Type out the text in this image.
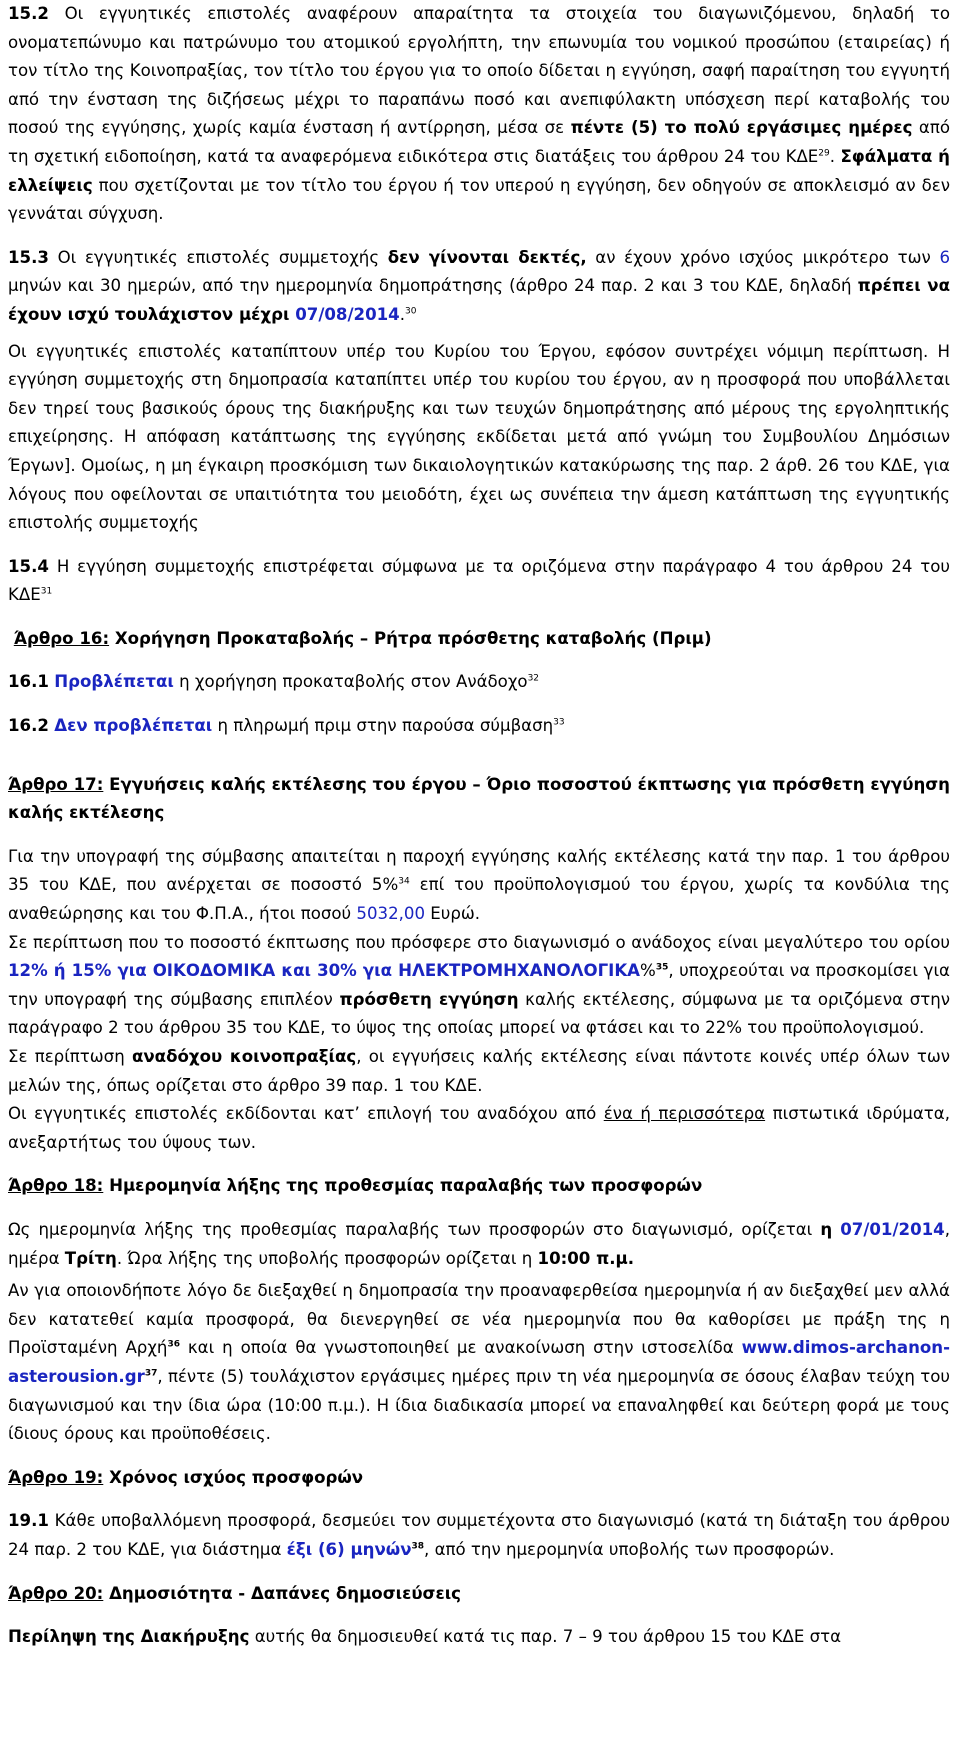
15.2 Οι εγγυητικές επιστολές αναφέρουν απαραίτητα τα στοιχεία του διαγωνιζόμενου, δηλαδή το ονοματεπώνυμο και πατρώνυμο του ατομικού εργολήπτη, την επωνυμία του νομικού προσώπου (εταιρείας) ή τον τίτλο της Κοινοπραξίας, τον τίτλο του έργου για το οποίο δίδεται η εγγύηση, σαφή παραίτηση του εγγυητή από την ένσταση της διζήσεως μέχρι το παραπάνω ποσό και ανεπιφύλακτη υπόσχεση περί καταβολής του ποσού της εγγύησης, χωρίς καμία ένσταση ή αντίρρηση, μέσα σε πέντε (5) το πολύ εργάσιμες ημέρες από τη σχετική ειδοποίηση, κατά τα αναφερόμενα ειδικότερα στις διατάξεις του άρθρου 24 του ΚΔΕ$^{29}$. Σφάλματα ή ελλείψεις που σχετίζονται με τον τίτλο του έργου ή τον υπερού η εγγύηση, δεν οδηγούν σε αποκλεισμό αν δεν γεννάται σύγχυση.

15.3 Οι εγγυητικές επιστολές συμμετοχής δεν γίνονται δεκτές, αν έχουν χρόνο ισχύος μικρότερο των 6 μηνών και 30 ημερών, από την ημερομηνία δημοπράτησης (άρθρο 24 παρ. 2 και 3 του ΚΔΕ, δηλαδή πρέπει να έχουν ισχύ τουλάχιστον μέχρι 07/08/2014.30

Οι εγγυητικές επιστολές καταπίπτουν υπέρ του Κυρίου του Έργου, εφόσον συντρέχει νόμιμη περίπτωση. Η εγγύηση συμμετοχής στη δημοπρασία καταπίπτει υπέρ του κυρίου του έργου, αν η προσφορά που υποβάλλεται δεν τηρεί τους βασικούς όρους της διακήρυξης και των τευχών δημοπράτησης από μέρους της εργοληπτικής επιχείρησης. Η απόφαση κατάπτωσης της εγγύησης εκδίδεται μετά από γνώμη του Συμβουλίου Δημόσιων Έργων]. Ομοίως, η μη έγκαιρη προσκόμιση των δικαιολογητικών κατακύρωσης της παρ. 2 άρθ. 26 του ΚΔΕ, για λόγους που οφείλονται σε υπαιτιότητα του μειοδότη, έχει ως συνέπεια την άμεση κατάπτωση της εγγυητικής επιστολής συμμετοχής

15.4 Η εγγύηση συμμετοχής επιστρέφεται σύμφωνα με τα οριζόμενα στην παράγραφο 4 του άρθρου 24 του ΚΔΕ$^{31}$

Άρθρο 16: Χορήγηση Προκαταβολής – Ρήτρα πρόσθετης καταβολής (Πριμ)

16.1 Προβλέπεται η χορήγηση προκαταβολής στον Ανάδοχο$^{32}$

16.2 Δεν προβλέπεται η πληρωμή πριμ στην παρούσα σύμβαση$^{33}$

Άρθρο 17: Εγγυήσεις καλής εκτέλεσης του έργου – Όριο ποσοστού έκπτωσης για πρόσθετη εγγύηση καλής εκτέλεσης

Για την υπογραφή της σύμβασης απαιτείται η παροχή εγγύησης καλής εκτέλεσης κατά την παρ. 1 του άρθρου 35 του ΚΔΕ, που ανέρχεται σε ποσοστό 5%$^{34}$ επί του προϋπολογισμού του έργου, χωρίς τα κονδύλια της αναθεώρησης και του Φ.Π.Α., ήτοι ποσού 5032,00 Ευρώ.

Σε περίπτωση που το ποσοστό έκπτωσης που πρόσφερε στο διαγωνισμό ο ανάδοχος είναι μεγαλύτερο του ορίου 12% ή 15% για ΟΙΚΟΔΟΜΙΚΑ και 30% για ΗΛΕΚΤΡΟΜΗΧΑΝΟΛΟΓΙΚΑ%$^{35}$, υποχρεούται να προσκομίσει για την υπογραφή της σύμβασης επιπλέον πρόσθετη εγγύηση καλής εκτέλεσης, σύμφωνα με τα οριζόμενα στην παράγραφο 2 του άρθρου 35 του ΚΔΕ, το ύψος της οποίας μπορεί να φτάσει και το 22% του προϋπολογισμού.

Σε περίπτωση αναδόχου κοινοπραξίας, οι εγγυήσεις καλής εκτέλεσης είναι πάντοτε κοινές υπέρ όλων των μελών της, όπως ορίζεται στο άρθρο 39 παρ. 1 του ΚΔΕ.

Οι εγγυητικές επιστολές εκδίδονται κατ’ επιλογή του αναδόχου από ένα ή περισσότερα πιστωτικά ιδρύματα, ανεξαρτήτως του ύψους των.

Άρθρο 18: Ημερομηνία λήξης της προθεσμίας παραλαβής των προσφορών

Ως ημερομηνία λήξης της προθεσμίας παραλαβής των προσφορών στο διαγωνισμό, ορίζεται η 07/01/2014, ημέρα Τρίτη. Ώρα λήξης της υποβολής προσφορών ορίζεται η 10:00 π.μ.

Αν για οποιονδήποτε λόγο δε διεξαχθεί η δημοπρασία την προαναφερθείσα ημερομηνία ή αν διεξαχθεί μεν αλλά δεν κατατεθεί καμία προσφορά, θα διενεργηθεί σε νέα ημερομηνία που θα καθορίσει με πράξη της η Προϊσταμένη Αρχή$^{36}$ και η οποία θα γνωστοποιηθεί με ανακοίνωση στην ιστοσελίδα $www.dimos-archanon-asterousion.gr^{37}$, πέντε (5) τουλάχιστον εργάσιμες ημέρες πριν τη νέα ημερομηνία σε όσους έλαβαν τεύχη του διαγωνισμού και την ίδια ώρα (10:00 π.μ.). Η ίδια διαδικασία μπορεί να επαναληφθεί και δεύτερη φορά με τους ίδιους όρους και προϋποθέσεις.

Άρθρο 19: Χρόνος ισχύος προσφορών

19.1 Κάθε υποβαλλόμενη προσφορά, δεσμεύει τον συμμετέχοντα στο διαγωνισμό (κατά τη διάταξη του άρθρου 24 παρ. 2 του ΚΔΕ, για διάστημα έξι (6) μηνών$^{38}$, από την ημερομηνία υποβολής των προσφορών.

Άρθρο 20: Δημοσιότητα - Δαπάνες δημοσιεύσεις

Περίληψη της Διακήρυξης αυτής θα δημοσιευθεί κατά τις παρ. 7 – 9 του άρθρου 15 του ΚΔΕ στα
